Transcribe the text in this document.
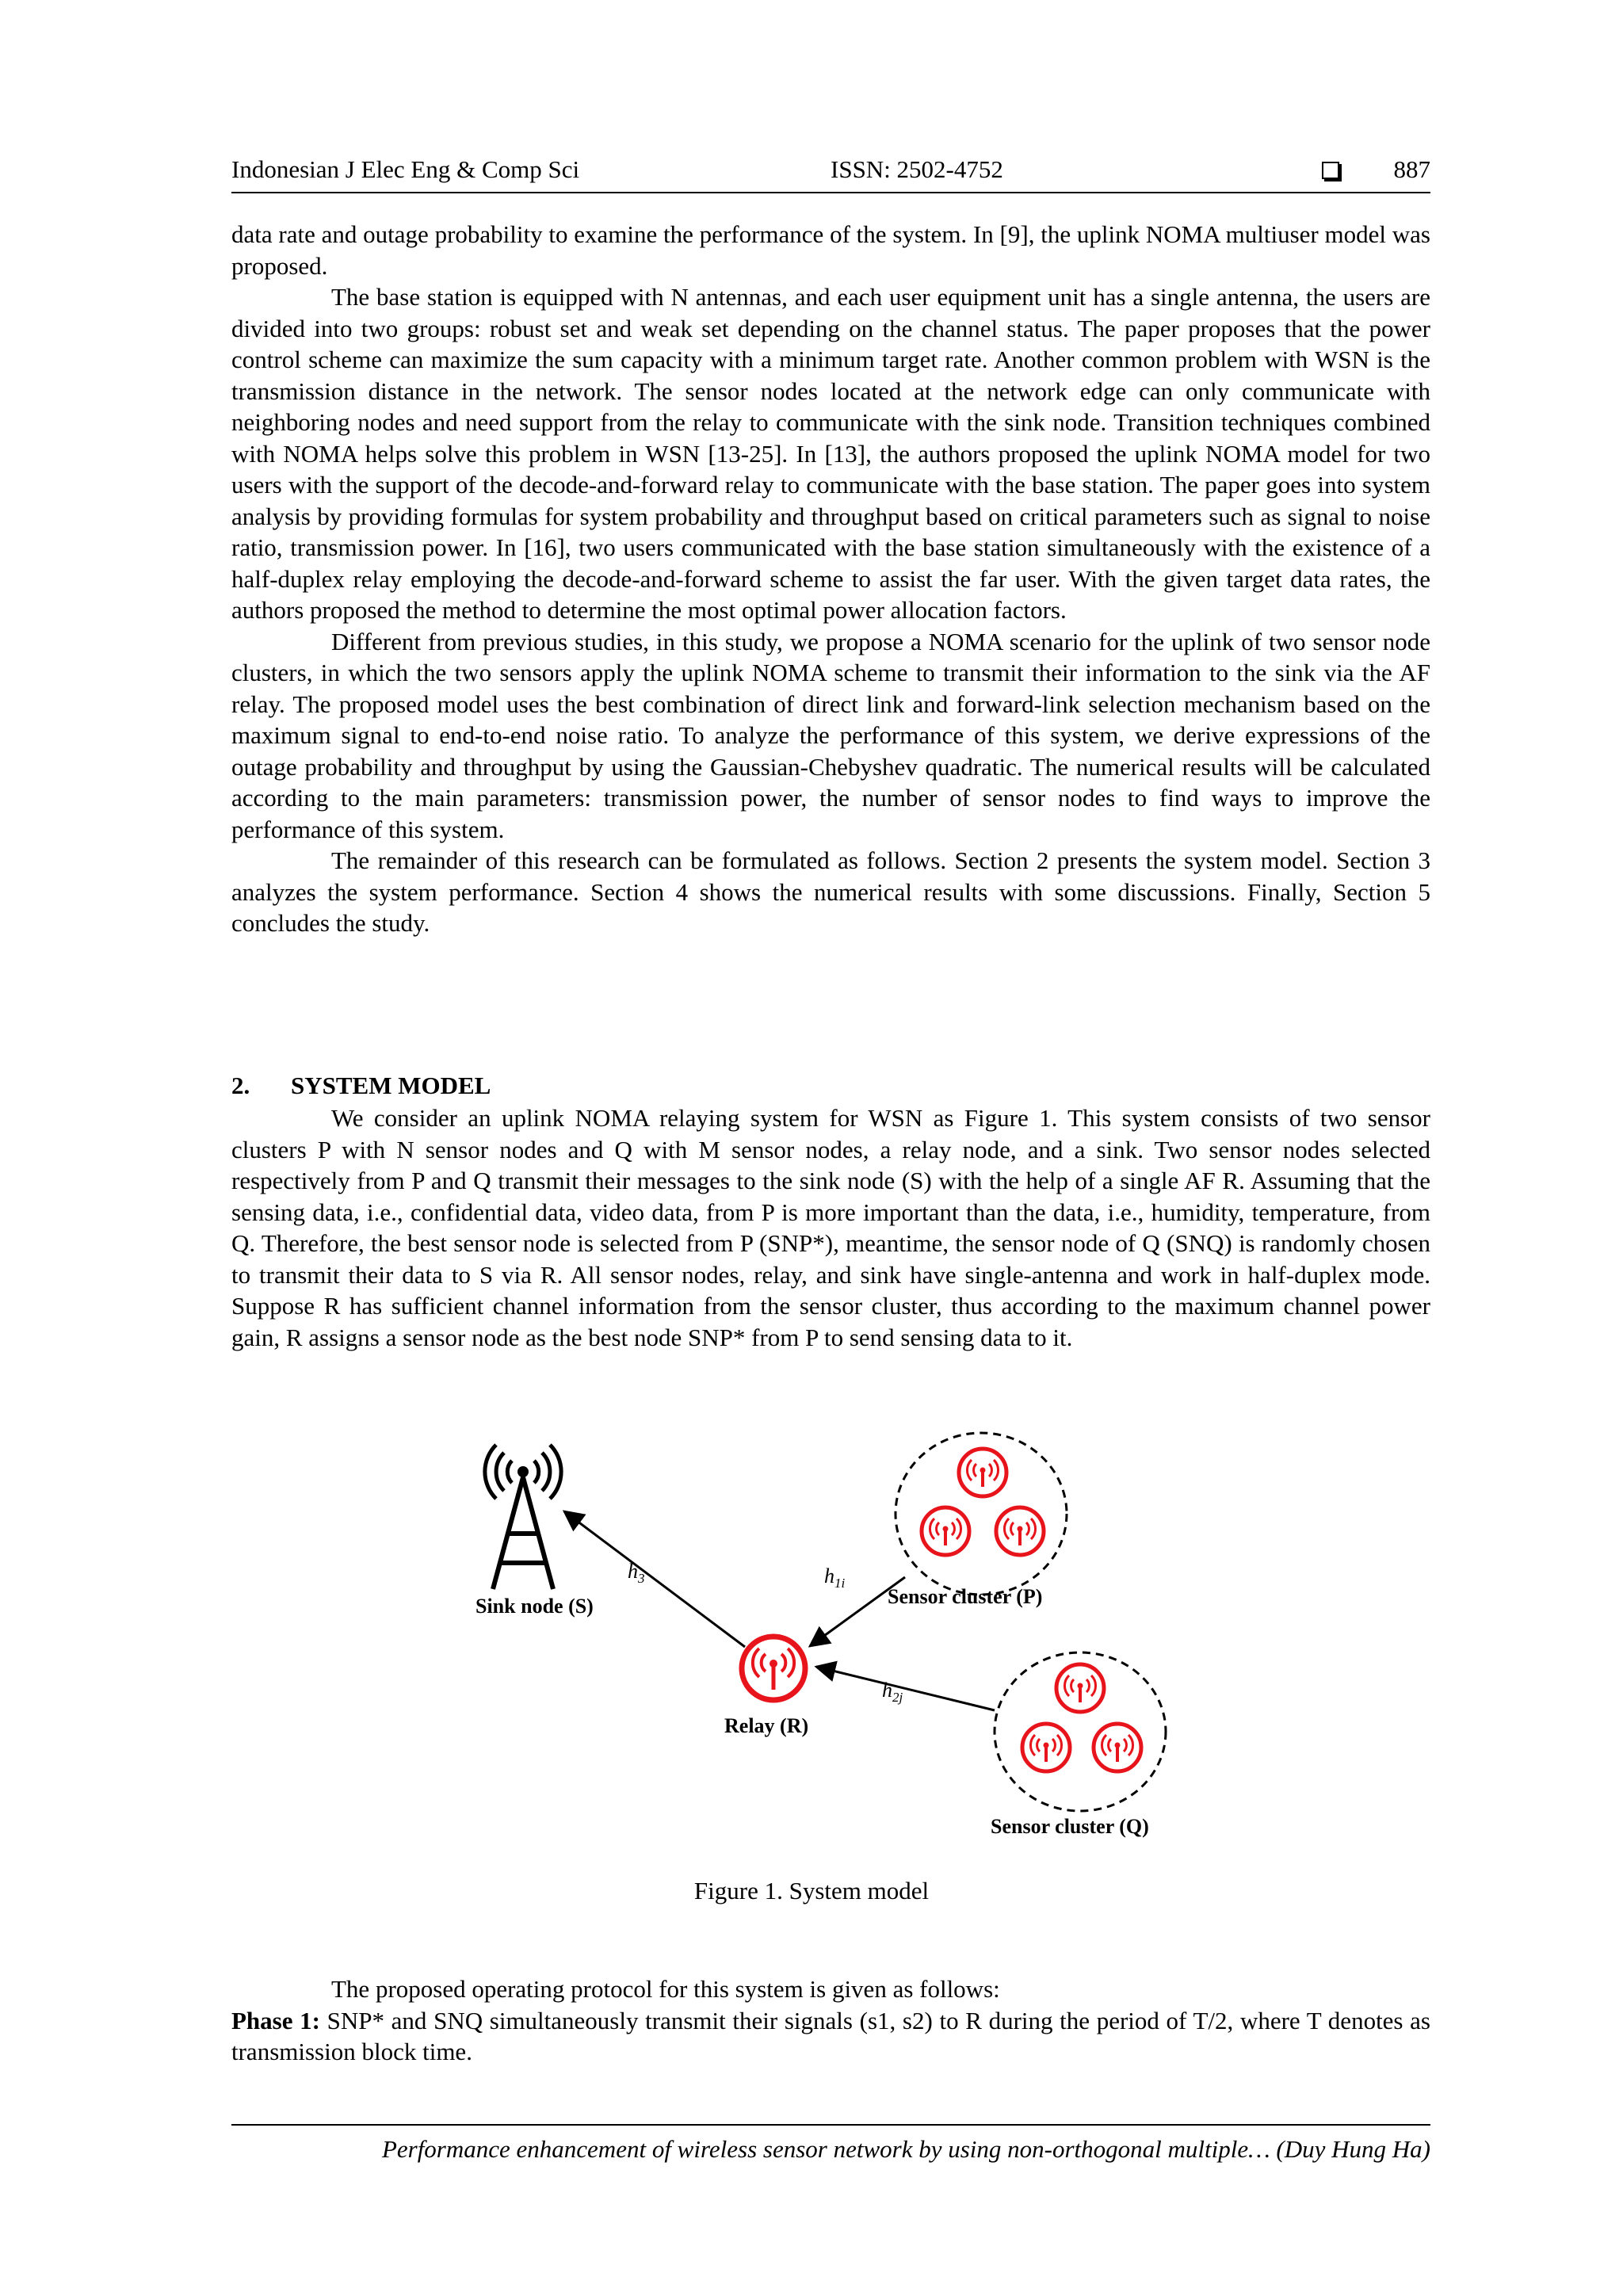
Indonesian J Elec Eng & Comp Sci	ISSN: 2502-4752	887

data rate and outage probability to examine the performance of the system. In [9], the uplink NOMA multiuser model was proposed.

The base station is equipped with N antennas, and each user equipment unit has a single antenna, the users are divided into two groups: robust set and weak set depending on the channel status. The paper proposes that the power control scheme can maximize the sum capacity with a minimum target rate. Another common problem with WSN is the transmission distance in the network. The sensor nodes located at the network edge can only communicate with neighboring nodes and need support from the relay to communicate with the sink node. Transition techniques combined with NOMA helps solve this problem in WSN [13-25]. In [13], the authors proposed the uplink NOMA model for two users with the support of the decode-and-forward relay to communicate with the base station. The paper goes into system analysis by providing formulas for system probability and throughput based on critical parameters such as signal to noise ratio, transmission power. In [16], two users communicated with the base station simultaneously with the existence of a half-duplex relay employing the decode-and-forward scheme to assist the far user. With the given target data rates, the authors proposed the method to determine the most optimal power allocation factors.

Different from previous studies, in this study, we propose a NOMA scenario for the uplink of two sensor node clusters, in which the two sensors apply the uplink NOMA scheme to transmit their information to the sink via the AF relay. The proposed model uses the best combination of direct link and forward-link selection mechanism based on the maximum signal to end-to-end noise ratio. To analyze the performance of this system, we derive expressions of the outage probability and throughput by using the Gaussian-Chebyshev quadratic. The numerical results will be calculated according to the main parameters: transmission power, the number of sensor nodes to find ways to improve the performance of this system.

The remainder of this research can be formulated as follows. Section 2 presents the system model. Section 3 analyzes the system performance. Section 4 shows the numerical results with some discussions. Finally, Section 5 concludes the study.

2. SYSTEM MODEL

We consider an uplink NOMA relaying system for WSN as Figure 1. This system consists of two sensor clusters P with N sensor nodes and Q with M sensor nodes, a relay node, and a sink. Two sensor nodes selected respectively from P and Q transmit their messages to the sink node (S) with the help of a single AF R. Assuming that the sensing data, i.e., confidential data, video data, from P is more important than the data, i.e., humidity, temperature, from Q. Therefore, the best sensor node is selected from P (SNP*), meantime, the sensor node of Q (SNQ) is randomly chosen to transmit their data to S via R. All sensor nodes, relay, and sink have single-antenna and work in half-duplex mode. Suppose R has sufficient channel information from the sensor cluster, thus according to the maximum channel power gain, R assigns a sensor node as the best node SNP* from P to send sensing data to it.

$h_3$	$h_{1i}$
$h_{2j}$
Sink node (S)	Sensor cluster (P)
Relay (R)
Sensor cluster (Q)
Figure 1. System model

The proposed operating protocol for this system is given as follows:

Phase 1: SNP* and SNQ simultaneously transmit their signals (s1, s2) to R during the period of T/2, where T denotes as transmission block time.

Performance enhancement of wireless sensor network by using non-orthogonal multiple… (Duy Hung Ha)
